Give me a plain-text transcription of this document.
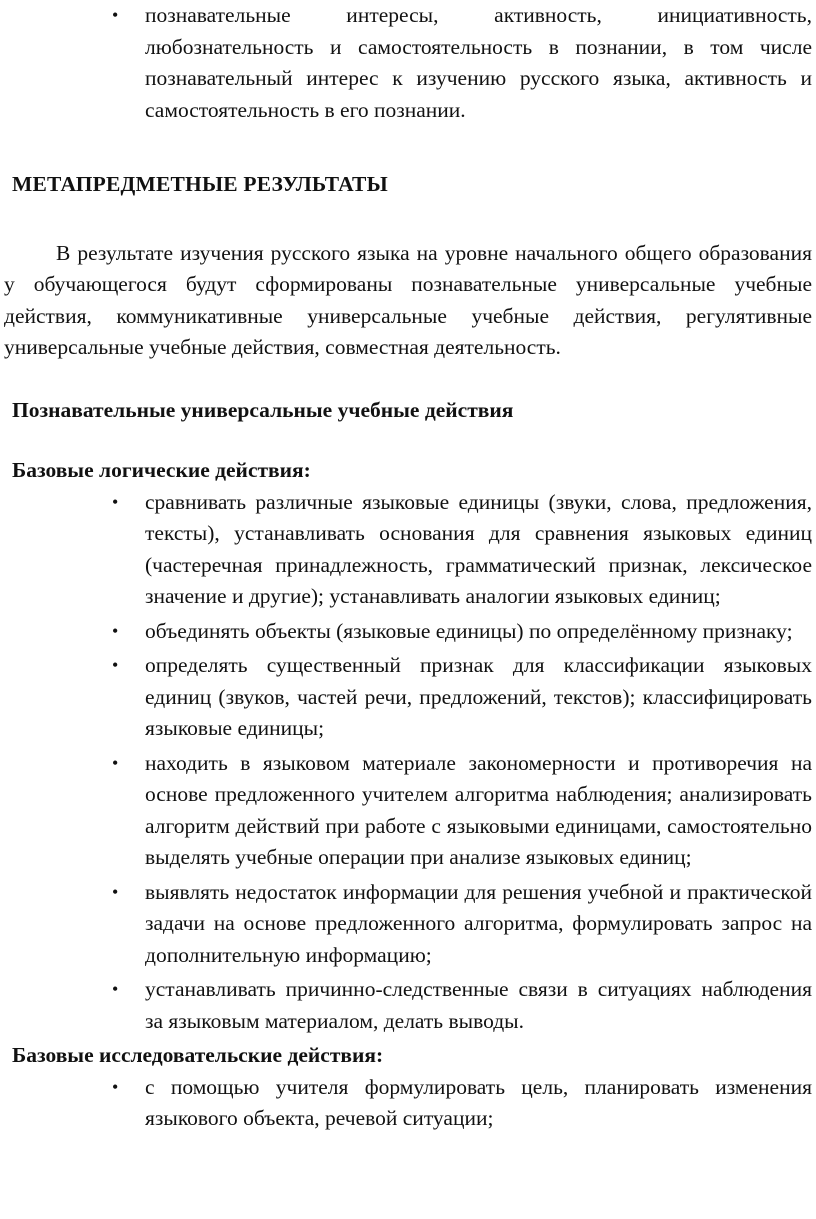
• познавательные интересы, активность, инициативность, любознательность и самостоятельность в познании, в том числе познавательный интерес к изучению русского языка, активность и самостоятельность в его познании.
МЕТАПРЕДМЕТНЫЕ РЕЗУЛЬТАТЫ

В результате изучения русского языка на уровне начального общего образования у обучающегося будут сформированы познавательные универсальные учебные действия, коммуникативные универсальные учебные действия, регулятивные универсальные учебные действия, совместная деятельность.

Познавательные универсальные учебные действия
Базовые логические действия:
• сравнивать различные языковые единицы (звуки, слова, предложения, тексты), устанавливать основания для сравнения языковых единиц (частеречная принадлежность, грамматический признак, лексическое значение и другие); устанавливать аналогии языковых единиц;
• объединять объекты (языковые единицы) по определённому признаку;
• определять существенный признак для классификации языковых единиц (звуков, частей речи, предложений, текстов); классифицировать языковые единицы;
• находить в языковом материале закономерности и противоречия на основе предложенного учителем алгоритма наблюдения; анализировать алгоритм действий при работе с языковыми единицами, самостоятельно выделять учебные операции при анализе языковых единиц;
• выявлять недостаток информации для решения учебной и практической задачи на основе предложенного алгоритма, формулировать запрос на дополнительную информацию;
• устанавливать причинно-следственные связи в ситуациях наблюдения за языковым материалом, делать выводы.
Базовые исследовательские действия:
• с помощью учителя формулировать цель, планировать изменения языкового объекта, речевой ситуации;
